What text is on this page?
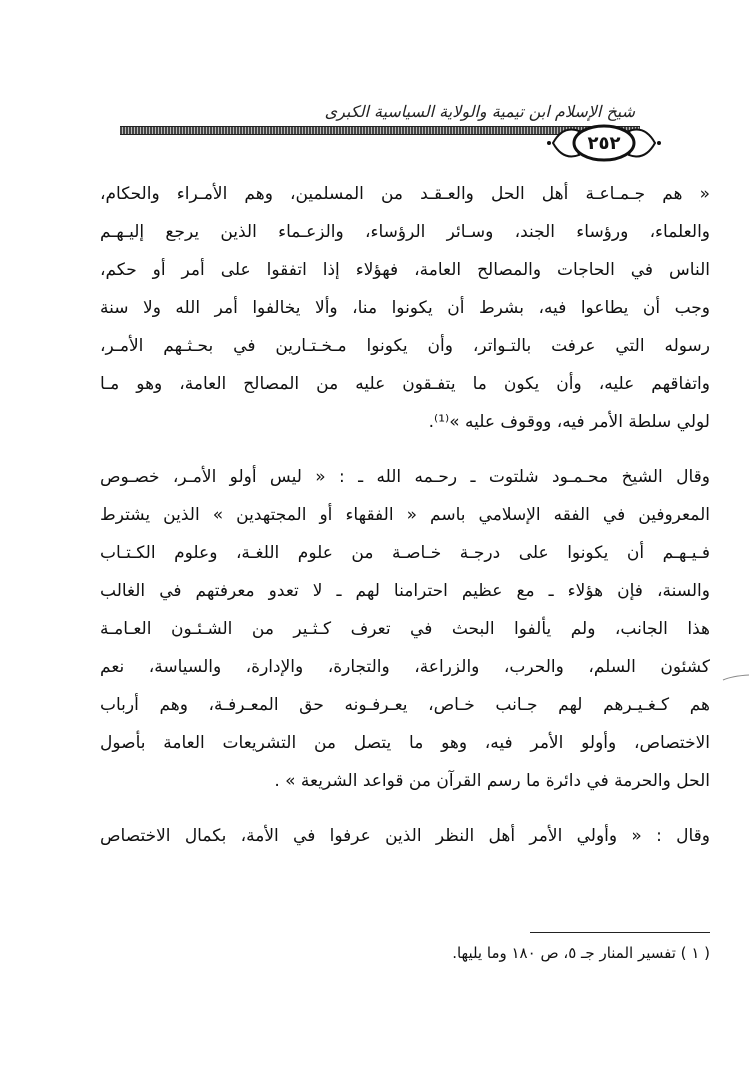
شيخ الإسلام ابن تيمية والولاية السياسية الكبرى
٢٥٢
« هم جـمـاعـة أهل الحل والعـقـد من المسلمين، وهم الأمـراء والحكام،
والعلماء، ورؤساء الجند، وسـائر الرؤساء، والزعـماء الذين يرجع إليـهـم
الناس في الحاجات والمصالح العامة، فهؤلاء إذا اتفقوا على أمر أو حكم،
وجب أن يطاعوا فيه، بشرط أن يكونوا منا، وألا يخالفوا أمر الله ولا سنة
رسوله التي عرفت بالتـواتر، وأن يكونوا مـخـتـارين في بحـثـهم الأمـر،
واتفاقهم عليه، وأن يكون ما يتفـقون عليه من المصالح العامة، وهو مـا
لولي سلطة الأمر فيه، ووقوف عليه »⁽¹⁾.
وقال الشيخ محـمـود شلتوت ـ رحـمه الله ـ : « ليس أولو الأمـر، خصـوص
المعروفين في الفقه الإسلامي باسم « الفقهاء أو المجتهدين » الذين يشترط
فـيـهـم أن يكونوا على درجـة خـاصـة من علوم اللغـة، وعلوم الكـتـاب
والسنة، فإن هؤلاء ـ مع عظيم احترامنا لهم ـ لا تعدو معرفتهم في الغالب
هذا الجانب، ولم يألفوا البحث في تعرف كـثـير من الشـئـون العـامـة
كشئون السلم، والحرب، والزراعة، والتجارة، والإدارة، والسياسة، نعم
هم كـغـيـرهم لهم جـانب خـاص، يعـرفـونه حق المعـرفـة، وهم أرباب
الاختصاص، وأولو الأمر فيه، وهو ما يتصل من التشريعات العامة بأصول
الحل والحرمة في دائرة ما رسم القرآن من قواعد الشريعة » .
وقال : « وأولي الأمر أهل النظر الذين عرفوا في الأمة، بكمال الاختصاص
( ١ ) تفسير المنار جـ ٥، ص ١٨٠ وما يليها.
